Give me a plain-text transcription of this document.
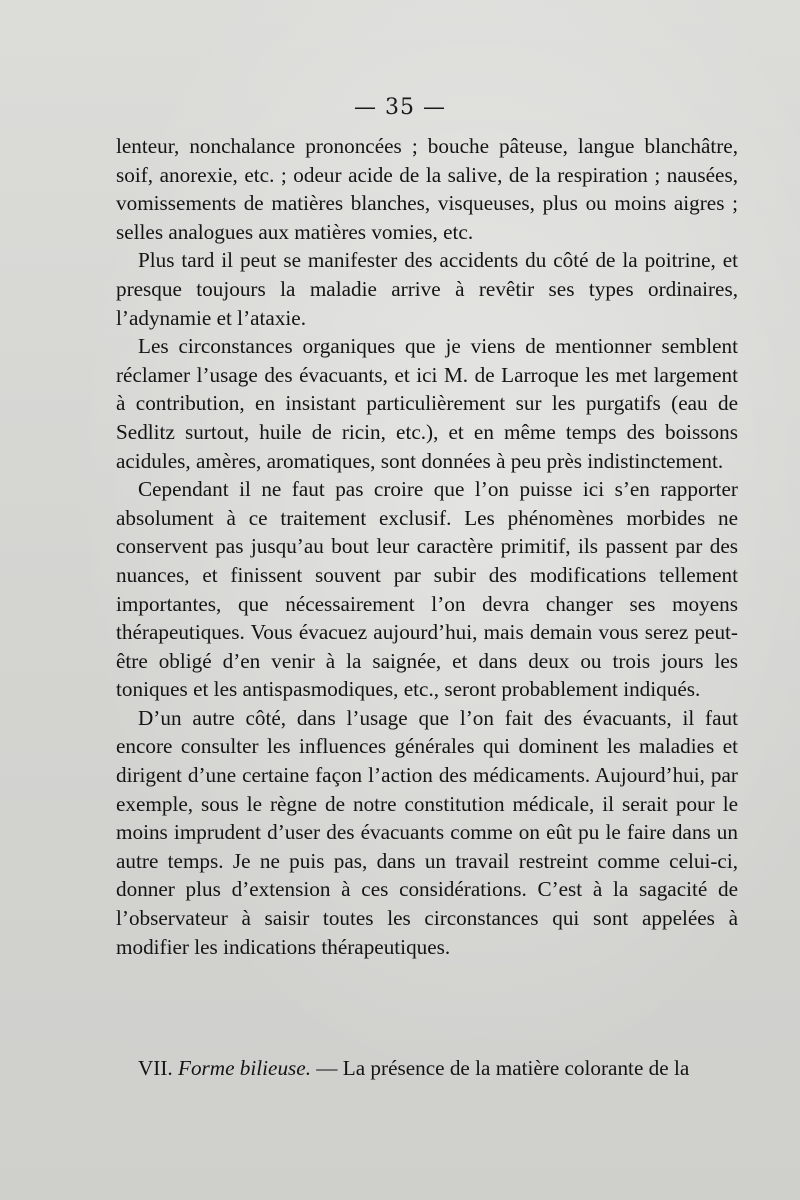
— 35 —

lenteur, nonchalance prononcées ; bouche pâteuse, langue blanchâtre, soif, anorexie, etc. ; odeur acide de la salive, de la respiration ; nausées, vomissements de matières blanches, visqueuses, plus ou moins aigres ; selles analogues aux matières vomies, etc.

Plus tard il peut se manifester des accidents du côté de la poitrine, et presque toujours la maladie arrive à revêtir ses types ordinaires, l’adynamie et l’ataxie.

Les circonstances organiques que je viens de mentionner semblent réclamer l’usage des évacuants, et ici M. de Larroque les met largement à contribution, en insistant particulièrement sur les purgatifs (eau de Sedlitz surtout, huile de ricin, etc.), et en même temps des boissons acidules, amères, aromatiques, sont données à peu près indistinctement.

Cependant il ne faut pas croire que l’on puisse ici s’en rapporter absolument à ce traitement exclusif. Les phénomènes morbides ne conservent pas jusqu’au bout leur caractère primitif, ils passent par des nuances, et finissent souvent par subir des modifications tellement importantes, que nécessairement l’on devra changer ses moyens thérapeutiques. Vous évacuez aujourd’hui, mais demain vous serez peut-être obligé d’en venir à la saignée, et dans deux ou trois jours les toniques et les antispasmodiques, etc., seront probablement indiqués.

D’un autre côté, dans l’usage que l’on fait des évacuants, il faut encore consulter les influences générales qui dominent les maladies et dirigent d’une certaine façon l’action des médicaments. Aujourd’hui, par exemple, sous le règne de notre constitution médicale, il serait pour le moins imprudent d’user des évacuants comme on eût pu le faire dans un autre temps. Je ne puis pas, dans un travail restreint comme celui-ci, donner plus d’extension à ces considérations. C’est à la sagacité de l’observateur à saisir toutes les circonstances qui sont appelées à modifier les indications thérapeutiques.

VII. Forme bilieuse. — La présence de la matière colorante de la
